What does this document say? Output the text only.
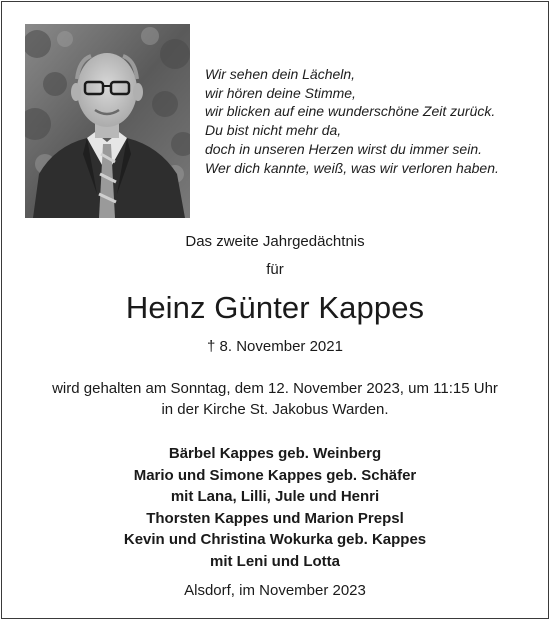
Wir sehen dein Lächeln,
wir hören deine Stimme,
wir blicken auf eine wunderschöne Zeit zurück.
Du bist nicht mehr da,
doch in unseren Herzen wirst du immer sein.
Wer dich kannte, weiß, was wir verloren haben.
Das zweite Jahrgedächtnis
für
Heinz Günter Kappes
† 8. November 2021
wird gehalten am Sonntag, dem 12. November 2023, um 11:15 Uhr
in der Kirche St. Jakobus Warden.
Bärbel Kappes geb. Weinberg
Mario und Simone Kappes geb. Schäfer
mit Lana, Lilli, Jule und Henri
Thorsten Kappes und Marion Prepsl
Kevin und Christina Wokurka geb. Kappes
mit Leni und Lotta
Alsdorf, im November 2023
